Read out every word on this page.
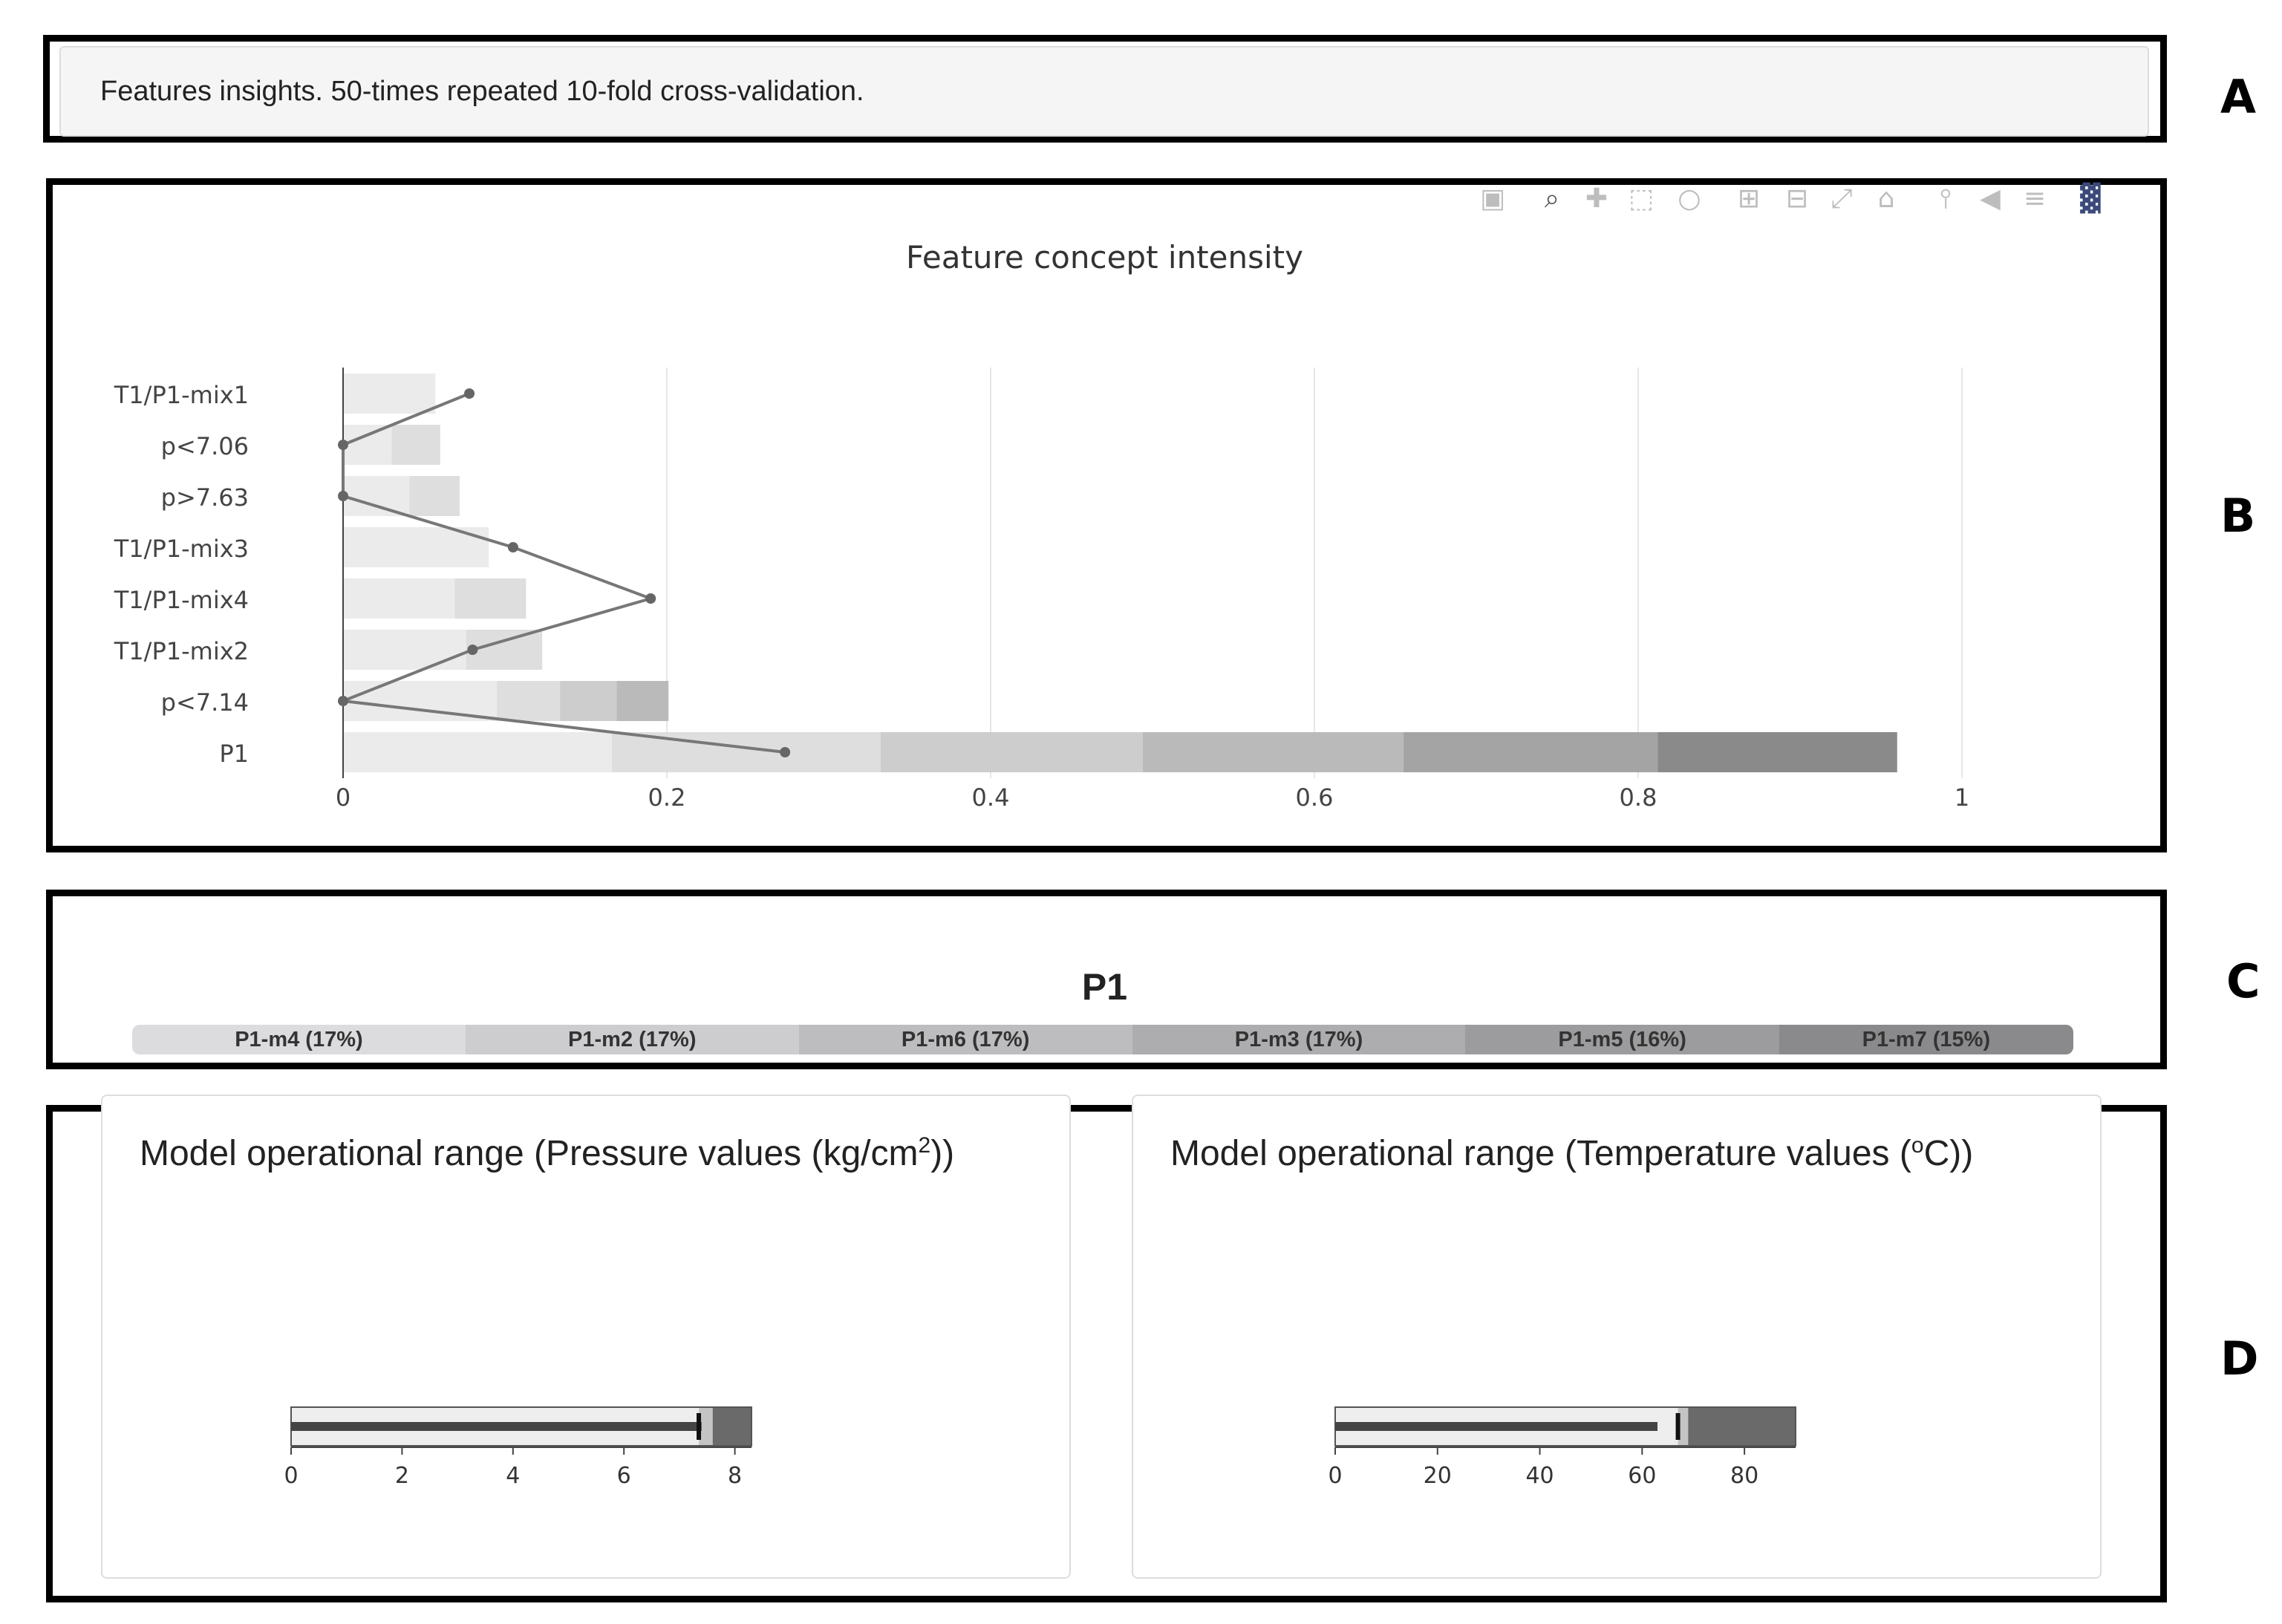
Features insights. 50-times repeated 10-fold cross-validation.	A
B
▣ ⌕ ✚ ⬚ ○ ⊞ ⊟ ⤢ ⌂	⫯	◀ ≡ ▓
Feature concept intensity
T1/P1-mix1
p<7.06
p>7.63
T1/P1-mix3
T1/P1-mix4
T1/P1-mix2
p<7.14
P1
0	0.2	0.4	0.6	0.8	1
C
P1
P1-m4 (17%)	P1-m2 (17%)	P1-m6 (17%)	P1-m3 (17%)	P1-m5 (16%)	P1-m7 (15%)
D
Model operational range (Pressure values $(kg/cm^2)$)	Model operational range (Temperature values ($^o$C))
0	2	4	6	8	0	20	40	60	80
